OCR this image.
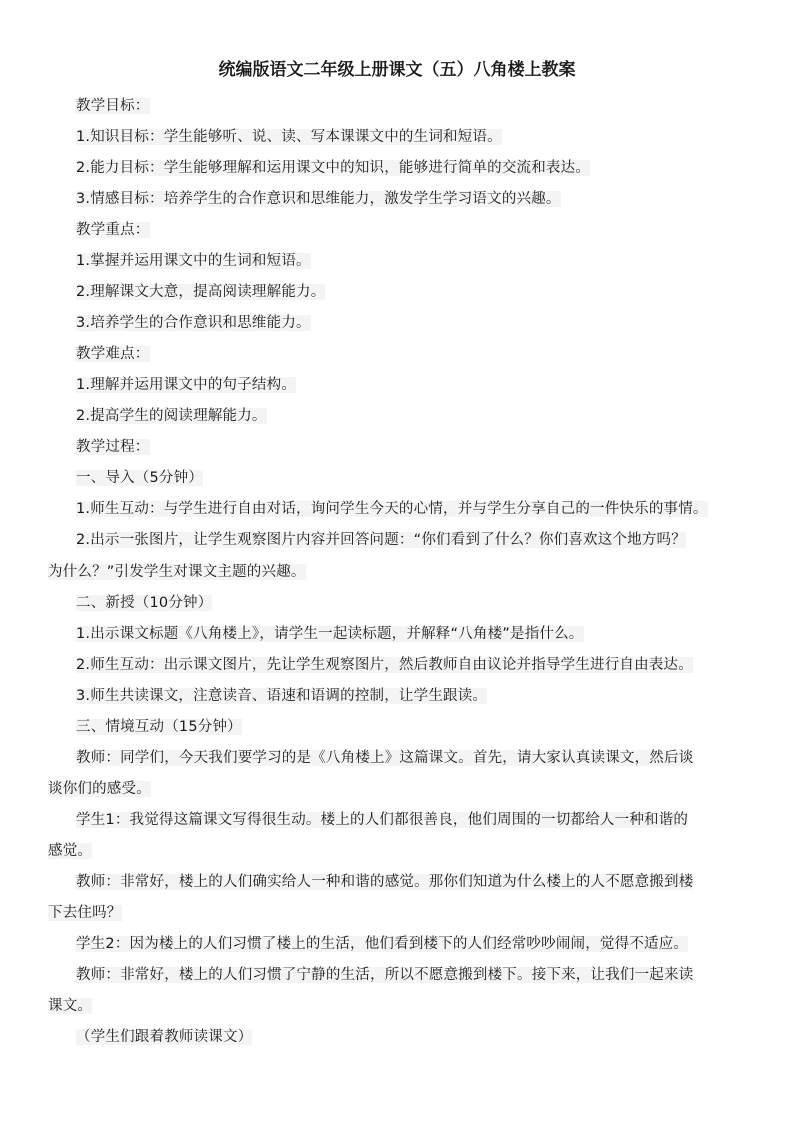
统编版语文二年级上册课文（五）八角楼上教案
教学目标：
1.知识目标：学生能够听、说、读、写本课课文中的生词和短语。
2.能力目标：学生能够理解和运用课文中的知识，能够进行简单的交流和表达。
3.情感目标：培养学生的合作意识和思维能力，激发学生学习语文的兴趣。
教学重点：
1.掌握并运用课文中的生词和短语。
2.理解课文大意，提高阅读理解能力。
3.培养学生的合作意识和思维能力。
教学难点：
1.理解并运用课文中的句子结构。
2.提高学生的阅读理解能力。
教学过程：
一、导入（5分钟）
1.师生互动：与学生进行自由对话，询问学生今天的心情，并与学生分享自己的一件快乐的事情。
2.出示一张图片，让学生观察图片内容并回答问题：“你们看到了什么？你们喜欢这个地方吗？
为什么？”引发学生对课文主题的兴趣。
二、新授（10分钟）
1.出示课文标题《八角楼上》，请学生一起读标题，并解释“八角楼”是指什么。
2.师生互动：出示课文图片，先让学生观察图片，然后教师自由议论并指导学生进行自由表达。
3.师生共读课文，注意读音、语速和语调的控制，让学生跟读。
三、情境互动（15分钟）
教师：同学们，今天我们要学习的是《八角楼上》这篇课文。首先，请大家认真读课文，然后谈
谈你们的感受。
学生1：我觉得这篇课文写得很生动。楼上的人们都很善良，他们周围的一切都给人一种和谐的
感觉。
教师：非常好，楼上的人们确实给人一种和谐的感觉。那你们知道为什么楼上的人不愿意搬到楼
下去住吗？
学生2：因为楼上的人们习惯了楼上的生活，他们看到楼下的人们经常吵吵闹闹，觉得不适应。
教师：非常好，楼上的人们习惯了宁静的生活，所以不愿意搬到楼下。接下来，让我们一起来读
课文。
（学生们跟着教师读课文）
